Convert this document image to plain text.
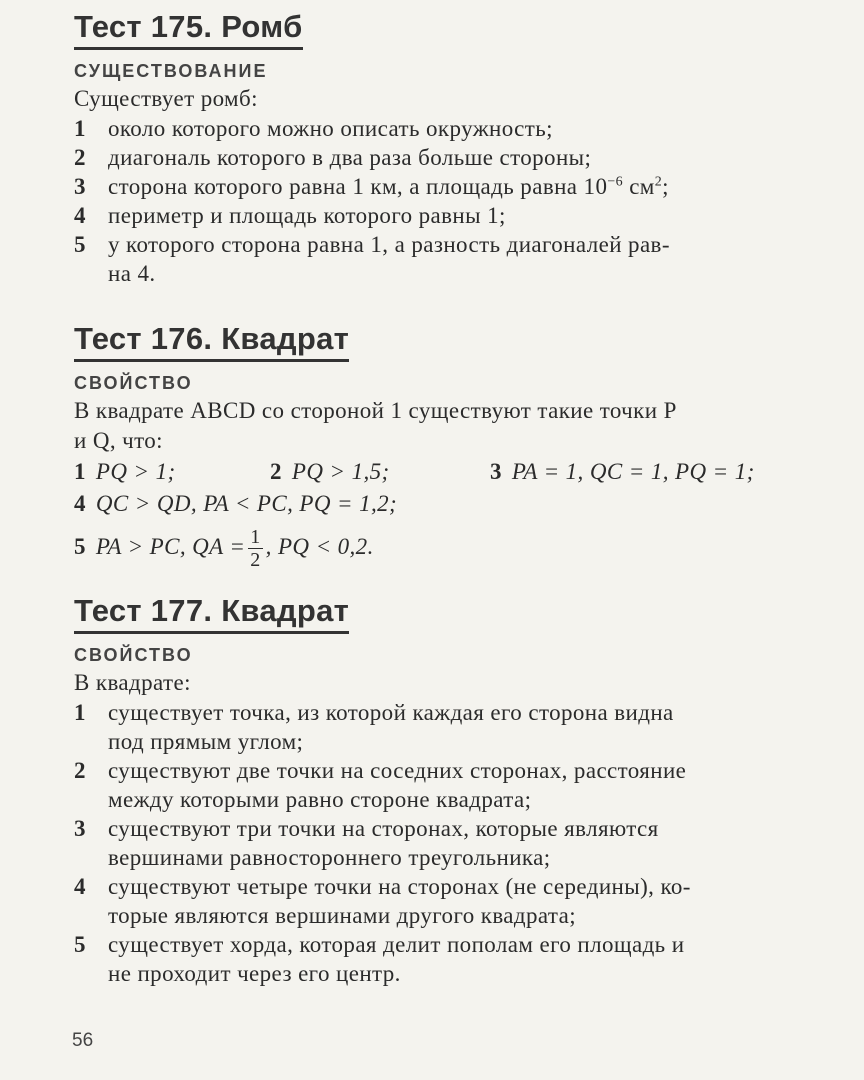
Тест 175. Ромб
СУЩЕСТВОВАНИЕ
Существует ромб:
1 около которого можно описать окружность;
2 диагональ которого в два раза больше стороны;
3 сторона которого равна 1 км, а площадь равна $10^{-6}$ $см^2$;
4 периметр и площадь которого равны 1;
5 у которого сторона равна 1, а разность диагоналей рав-
на 4.
Тест 176. Квадрат
СВОЙСТВО
В квадрате ABCD со стороной 1 существуют такие точки P
и Q, что:
1 PQ > 1;	2 PQ > 1,5;	3 PA = 1, QC = 1, PQ = 1;
4 QC > QD, PA < PC, PQ = 1,2;
5 PA > PC, QA = $\frac{1}{2}$ , PQ < 0,2.
Тест 177. Квадрат
СВОЙСТВО
В квадрате:
1 существует точка, из которой каждая его сторона видна
под прямым углом;
2 существуют две точки на соседних сторонах, расстояние
между которыми равно стороне квадрата;
3 существуют три точки на сторонах, которые являются
вершинами равностороннего треугольника;
4 существуют четыре точки на сторонах (не середины), ко-
торые являются вершинами другого квадрата;
5 существует хорда, которая делит пополам его площадь и
не проходит через его центр.
56
